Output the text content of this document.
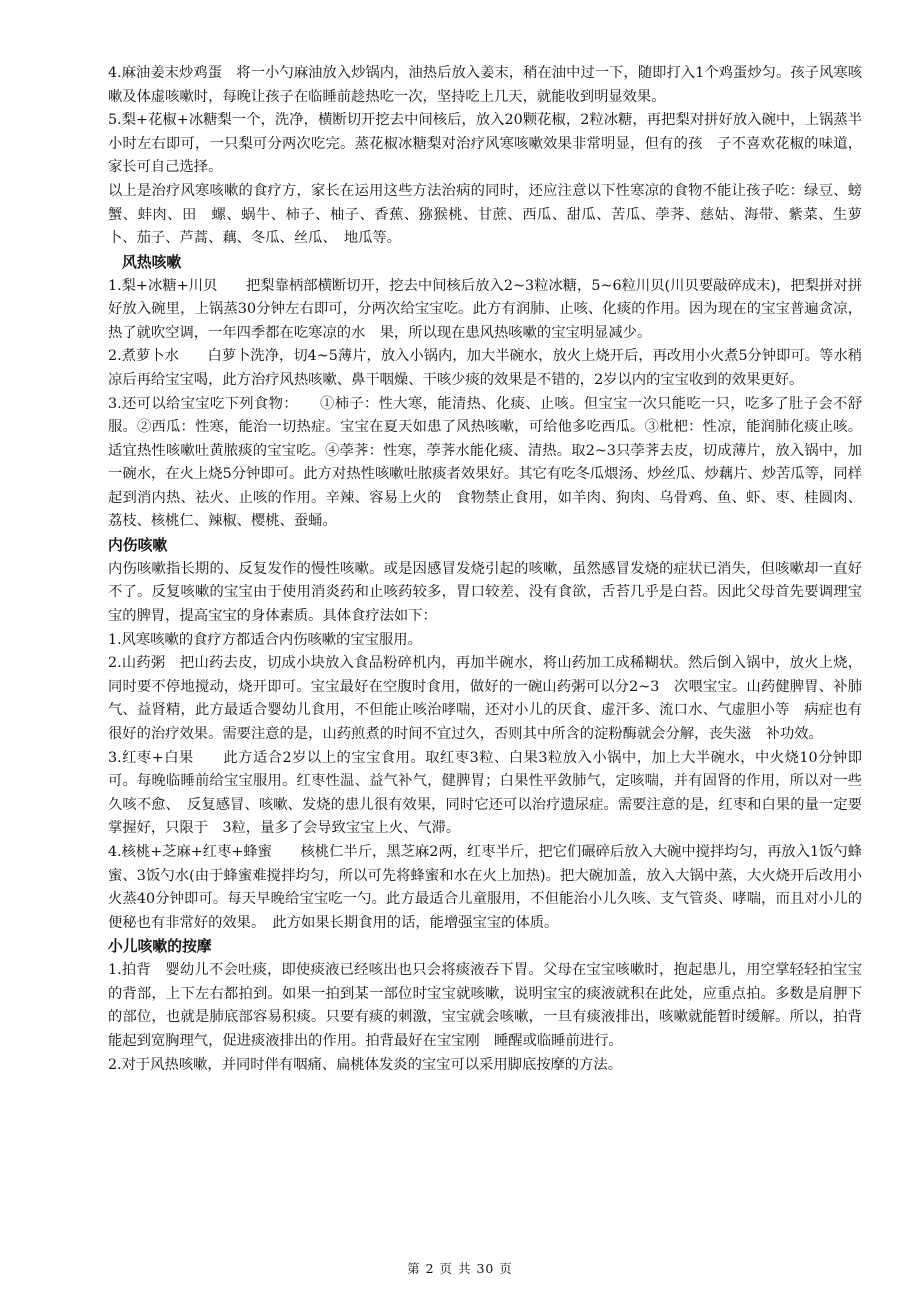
4.麻油姜末炒鸡蛋　将一小勺麻油放入炒锅内，油热后放入姜末，稍在油中过一下，随即打入1个鸡蛋炒匀。孩子风寒咳嗽及体虚咳嗽时，每晚让孩子在临睡前趁热吃一次，坚持吃上几天，就能收到明显效果。

5.梨+花椒+冰糖梨一个，洗净，横断切开挖去中间核后，放入20颗花椒，2粒冰糖，再把梨对拼好放入碗中，上锅蒸半小时左右即可，一只梨可分两次吃完。蒸花椒冰糖梨对治疗风寒咳嗽效果非常明显，但有的孩　子不喜欢花椒的味道，家长可自己选择。

以上是治疗风寒咳嗽的食疗方，家长在运用这些方法治病的同时，还应注意以下性寒凉的食物不能让孩子吃：绿豆、螃蟹、蚌肉、田　螺、蜗牛、柿子、柚子、香蕉、猕猴桃、甘蔗、西瓜、甜瓜、苦瓜、荸荠、慈姑、海带、紫菜、生萝卜、茄子、芦蒿、藕、冬瓜、丝瓜、　地瓜等。

风热咳嗽

1.梨+冰糖+川贝　　把梨靠柄部横断切开，挖去中间核后放入2~3粒冰糖，5~6粒川贝(川贝要敲碎成末)，把梨拼对拼好放入碗里，上锅蒸30分钟左右即可，分两次给宝宝吃。此方有润肺、止咳、化痰的作用。因为现在的宝宝普遍贪凉，热了就吹空调，一年四季都在吃寒凉的水　果，所以现在患风热咳嗽的宝宝明显减少。

2.煮萝卜水　　白萝卜洗净，切4~5薄片，放入小锅内，加大半碗水，放火上烧开后，再改用小火煮5分钟即可。等水稍凉后再给宝宝喝，此方治疗风热咳嗽、鼻干咽燥、干咳少痰的效果是不错的，2岁以内的宝宝收到的效果更好。

3.还可以给宝宝吃下列食物：　　①柿子：性大寒，能清热、化痰、止咳。但宝宝一次只能吃一只，吃多了肚子会不舒服。②西瓜：性寒，能治一切热症。宝宝在夏天如患了风热咳嗽，可给他多吃西瓜。③枇杷：性凉，能润肺化痰止咳。适宜热性咳嗽吐黄脓痰的宝宝吃。④荸荠：性寒，荸荠水能化痰、清热。取2~3只荸荠去皮，切成薄片，放入锅中，加一碗水，在火上烧5分钟即可。此方对热性咳嗽吐脓痰者效果好。其它有吃冬瓜煨汤、炒丝瓜、炒藕片、炒苦瓜等，同样起到消内热、祛火、止咳的作用。辛辣、容易上火的　食物禁止食用，如羊肉、狗肉、乌骨鸡、鱼、虾、枣、桂圆肉、荔枝、核桃仁、辣椒、樱桃、蚕蛹。

内伤咳嗽

内伤咳嗽指长期的、反复发作的慢性咳嗽。或是因感冒发烧引起的咳嗽，虽然感冒发烧的症状已消失，但咳嗽却一直好不了。反复咳嗽的宝宝由于使用消炎药和止咳药较多，胃口较差、没有食欲，舌苔几乎是白苔。因此父母首先要调理宝宝的脾胃，提高宝宝的身体素质。具体食疗法如下：

1.风寒咳嗽的食疗方都适合内伤咳嗽的宝宝服用。

2.山药粥　把山药去皮，切成小块放入食品粉碎机内，再加半碗水，将山药加工成稀糊状。然后倒入锅中，放火上烧，同时要不停地搅动，烧开即可。宝宝最好在空腹时食用，做好的一碗山药粥可以分2~3　次喂宝宝。山药健脾胃、补肺气、益肾精，此方最适合婴幼儿食用，不但能止咳治哮喘，还对小儿的厌食、虚汗多、流口水、气虚胆小等　病症也有很好的治疗效果。需要注意的是，山药煎煮的时间不宜过久，否则其中所含的淀粉酶就会分解，丧失滋　补功效。

3.红枣+白果　　此方适合2岁以上的宝宝食用。取红枣3粒、白果3粒放入小锅中，加上大半碗水，中火烧10分钟即可。每晚临睡前给宝宝服用。红枣性温、益气补气，健脾胃；白果性平敛肺气，定咳喘，并有固肾的作用，所以对一些久咳不愈、　反复感冒、咳嗽、发烧的患儿很有效果，同时它还可以治疗遗尿症。需要注意的是，红枣和白果的量一定要掌握好，只限于　3粒，量多了会导致宝宝上火、气滞。

4.核桃+芝麻+红枣+蜂蜜　　核桃仁半斤，黑芝麻2两，红枣半斤，把它们碾碎后放入大碗中搅拌均匀，再放入1饭勺蜂蜜、3饭勺水(由于蜂蜜难搅拌均匀，所以可先将蜂蜜和水在火上加热)。把大碗加盖，放入大锅中蒸，大火烧开后改用小火蒸40分钟即可。每天早晚给宝宝吃一勺。此方最适合儿童服用，不但能治小儿久咳、支气管炎、哮喘，而且对小儿的便秘也有非常好的效果。　此方如果长期食用的话，能增强宝宝的体质。

小儿咳嗽的按摩

1.拍背　婴幼儿不会吐痰，即使痰液已经咳出也只会将痰液吞下胃。父母在宝宝咳嗽时，抱起患儿，用空掌轻轻拍宝宝的背部，上下左右都拍到。如果一拍到某一部位时宝宝就咳嗽，说明宝宝的痰液就积在此处，应重点拍。多数是肩胛下的部位，也就是肺底部容易积痰。只要有痰的刺激，宝宝就会咳嗽，一旦有痰液排出，咳嗽就能暂时缓解。所以，拍背能起到宽胸理气，促进痰液排出的作用。拍背最好在宝宝刚　睡醒或临睡前进行。

2.对于风热咳嗽，并同时伴有咽痛、扁桃体发炎的宝宝可以采用脚底按摩的方法。

第 2 页 共 30 页
